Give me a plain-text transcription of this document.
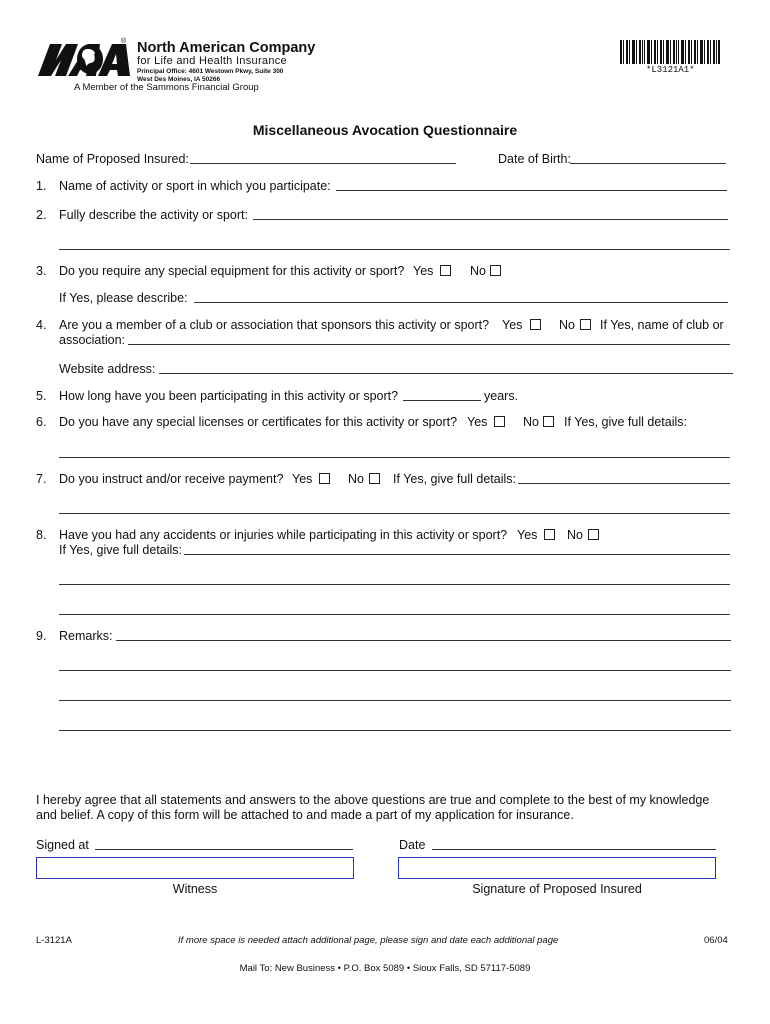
® North American Company
for Life and Health Insurance
Principal Office: 4601 Westown Pkwy, Suite 300
West Des Moines, IA 50266
A Member of the Sammons Financial Group
*L3121A1*
Miscellaneous Avocation Questionnaire
Name of Proposed Insured:	Date of Birth:
1. Name of activity or sport in which you participate:
2. Fully describe the activity or sport:
3. Do you require any special equipment for this activity or sport? Yes	No
If Yes, please describe:
4. Are you a member of a club or association that sponsors this activity or sport? Yes	No If Yes, name of club or
association:
Website address:
5. How long have you been participating in this activity or sport?	years.
6. Do you have any special licenses or certificates for this activity or sport? Yes	No If Yes, give full details:
7. Do you instruct and/or receive payment? Yes	No If Yes, give full details:
8. Have you had any accidents or injuries while participating in this activity or sport? Yes No
If Yes, give full details:
9. Remarks:
I hereby agree that all statements and answers to the above questions are true and complete to the best of my knowledge
and belief. A copy of this form will be attached to and made a part of my application for insurance.
Signed at	Date
Witness	Signature of Proposed Insured
L-3121A	If more space is needed attach additional page, please sign and date each additional page	06/04
Mail To: New Business • P.O. Box 5089 • Sioux Falls, SD 57117-5089
